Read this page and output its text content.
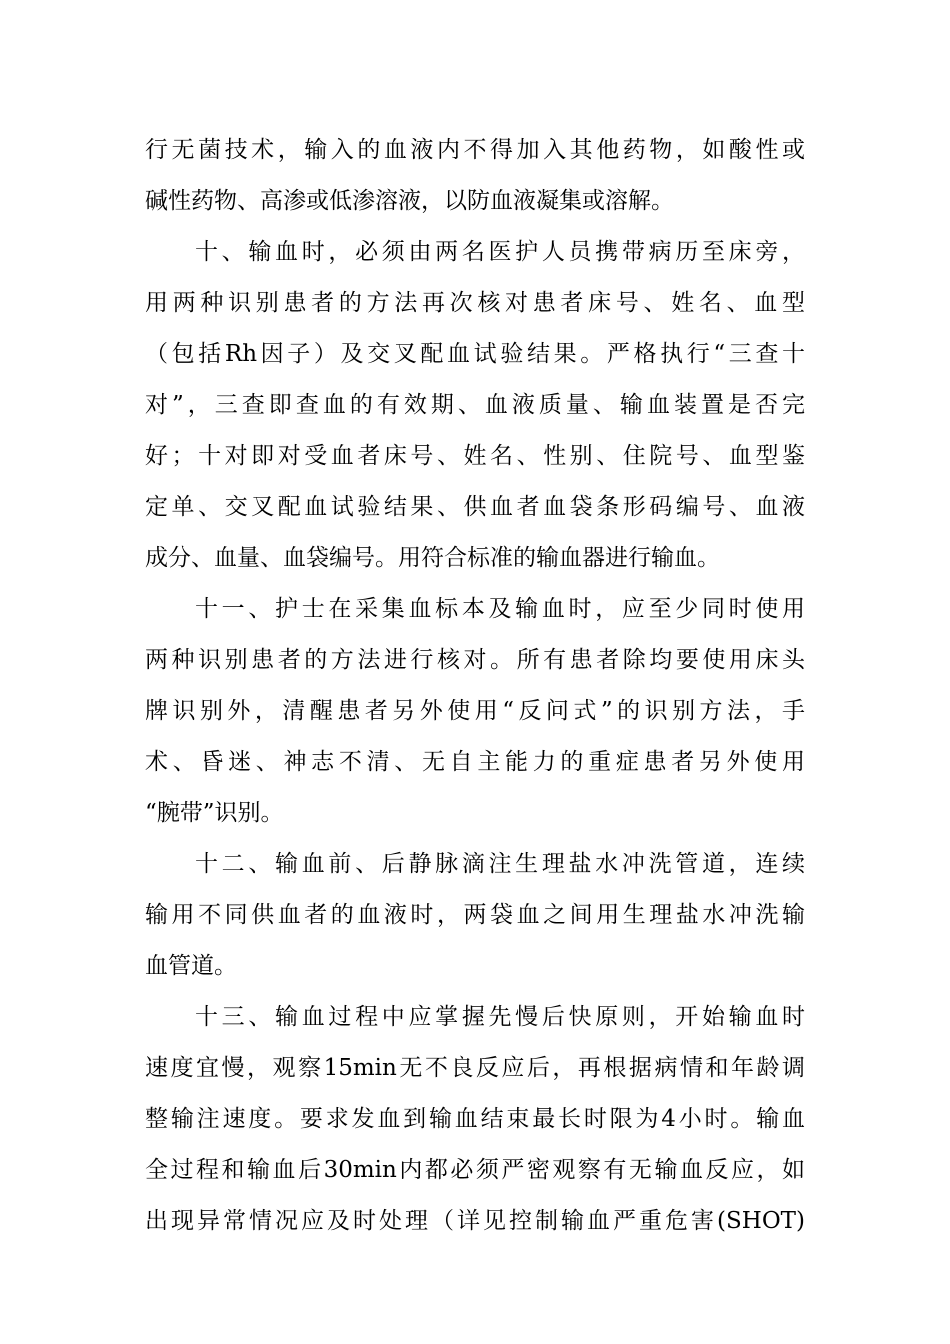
行无菌技术，输入的血液内不得加入其他药物，如酸性或
碱性药物、高渗或低渗溶液，以防血液凝集或溶解。
十、输血时，必须由两名医护人员携带病历至床旁，
用两种识别患者的方法再次核对患者床号、姓名、血型
（包括Rh因子）及交叉配血试验结果。严格执行“三查十
对”，三查即查血的有效期、血液质量、输血装置是否完
好；十对即对受血者床号、姓名、性别、住院号、血型鉴
定单、交叉配血试验结果、供血者血袋条形码编号、血液
成分、血量、血袋编号。用符合标准的输血器进行输血。
十一、护士在采集血标本及输血时，应至少同时使用
两种识别患者的方法进行核对。所有患者除均要使用床头
牌识别外，清醒患者另外使用“反问式”的识别方法，手
术、昏迷、神志不清、无自主能力的重症患者另外使用
“腕带”识别。
十二、输血前、后静脉滴注生理盐水冲洗管道，连续
输用不同供血者的血液时，两袋血之间用生理盐水冲洗输
血管道。
十三、输血过程中应掌握先慢后快原则，开始输血时
速度宜慢，观察15min无不良反应后，再根据病情和年龄调
整输注速度。要求发血到输血结束最长时限为4小时。输血
全过程和输血后30min内都必须严密观察有无输血反应，如
出现异常情况应及时处理（详见控制输血严重危害(SHOT)
